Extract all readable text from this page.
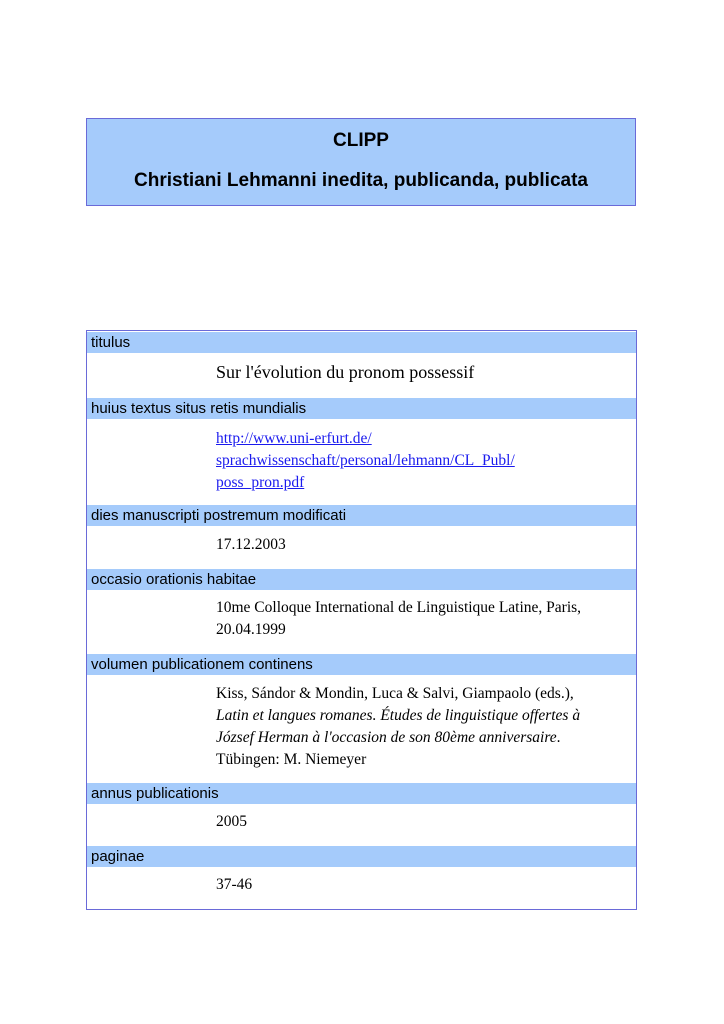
CLIPP
Christiani Lehmanni inedita, publicanda, publicata
titulus
Sur l'évolution du pronom possessif
huius textus situs retis mundialis
http://www.uni-erfurt.de/
sprachwissenschaft/personal/lehmann/CL_Publ/
poss_pron.pdf
dies manuscripti postremum modificati
17.12.2003
occasio orationis habitae
10me Colloque International de Linguistique Latine, Paris,
20.04.1999
volumen publicationem continens
Kiss, Sándor & Mondin, Luca & Salvi, Giampaolo (eds.),
Latin et langues romanes. Études de linguistique offertes à
József Herman à l'occasion de son 80ème anniversaire.
Tübingen: M. Niemeyer
annus publicationis
2005
paginae
37-46
